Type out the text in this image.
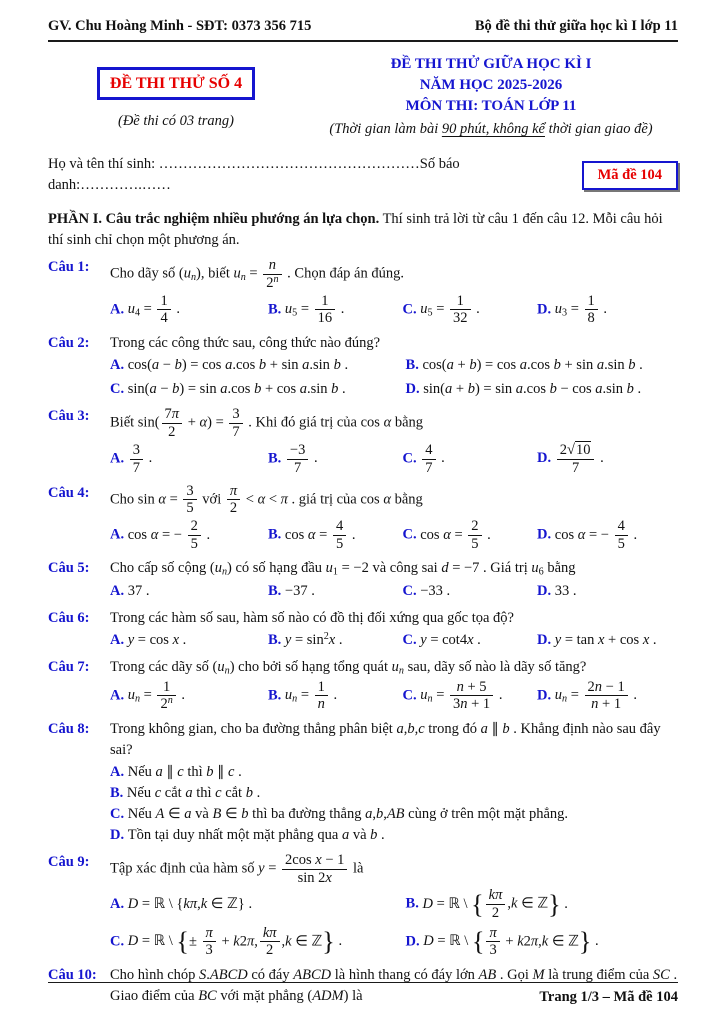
GV. Chu Hoàng Minh - SĐT: 0373 356 715	Bộ đề thi thử giữa học kì I lớp 11
ĐỀ THI THỬ SỐ 4
(Đề thi có 03 trang)
ĐỀ THI THỬ GIỮA HỌC KÌ I
NĂM HỌC 2025-2026
MÔN THI: TOÁN LỚP 11
(Thời gian làm bài 90 phút, không kể thời gian giao đề)
Họ và tên thí sinh: ………………………………………………Số báo danh:………….……
Mã đề 104
PHẦN I. Câu trắc nghiệm nhiều phướng án lựa chọn. Thí sinh trả lời từ câu 1 đến câu 12. Mỗi câu hỏi thí sinh chỉ chọn một phương án.
Câu 1:	Cho dãy số (un), biết un = $\frac{n}{2^n}$ . Chọn đáp án đúng.
A. $u4 = \frac{1}{4}$ .	B. $u5 = \frac{1}{16}$ .	C. $u5 = \frac{1}{32}$ .	D. $u3 = \frac{1}{8}$ .
Câu 2:	Trong các công thức sau, công thức nào đúng?
A. cos(a − b) = cos a.cos b + sin a.sin b .	B. cos(a + b) = cos a.cos b + sin a.sin b .
C. sin(a − b) = sin a.cos b + cos a.sin b .	D. sin(a + b) = sin a.cos b − cos a.sin b .
Câu 3:	Biết $\sin( \frac{7\pi}{2} + \alpha) = \frac{3}{7}$ . Khi đó giá trị của cos α bằng
A. $\frac{3}{7}$ .	B. $\frac{-3}{7}$ .	C. $\frac{4}{7}$ .	D. $\frac{2 √ 10}{7}$ .
Câu 4:	Cho $\sin \alpha = \frac{3}{5}$ với $\frac{\pi}{2} < \alpha < \pi$ . giá trị của cos α bằng
A. cos α = − $\frac{2}{5}$ .	B. $\cos \alpha = \frac{4}{5}$ .	C. $\cos \alpha = \frac{2}{5}$ .	D. cos α = − $\frac{4}{5}$ .
Câu 5:	Cho cấp số cộng (un) có số hạng đầu u1 = −2 và công sai d = −7 . Giá trị u6 bằng
A. 37 .	B. −37 .	C. −33 .	D. 33 .
Câu 6:	Trong các hàm số sau, hàm số nào có đồ thị đối xứng qua gốc tọa độ?
A. y = cos x .	B. $y = \sin^2x$ .	C. y = cot4x .	D. y = tan x + cos x .
Câu 7:	Trong các dãy số (un) cho bởi số hạng tổng quát un sau, dãy số nào là dãy số tăng?
A. un = $\frac{1}{2^n}$ .	B. un = $\frac{1}{n}$ .	C. un = $\frac{n + 5}{3n + 1}$ .	D. un = $\frac{2n - 1}{n + 1}$ .
Câu 8:	Trong không gian, cho ba đường thẳng phân biệt a,b,c trong đó a ∥ b . Khẳng định nào sau đây sai?
A. Nếu a ∥ c thì b ∥ c .
B. Nếu c cắt a thì c cắt b .
C. Nếu A ∈ a và B ∈ b thì ba đường thẳng a,b,AB cùng ở trên một mặt phẳng.
D. Tồn tại duy nhất một mặt phẳng qua a và b .
Câu 9:	Tập xác định của hàm số $y = \frac{\text{2cos x − 1}}{\sin 2x}$ là
A. D = ℝ \ {kπ,k ∈ ℤ} .	B. D = ℝ \ { $\frac{k\pi}{2} ,k$ ∈ ℤ } .
C. D = ℝ \ { ± $\frac{\pi}{3} + k2\pi$, $\frac{k\pi}{2} ,k$ ∈ ℤ } .	D. D = ℝ \ { $\frac{\pi}{3} + k2\pi,k$ ∈ ℤ } .
Câu 10: Cho hình chóp S.ABCD có đáy ABCD là hình thang có đáy lớn AB . Gọi M là trung điểm của SC . Giao điểm của BC với mặt phẳng (ADM) là	Trang 1/3 – Mã đề 104
